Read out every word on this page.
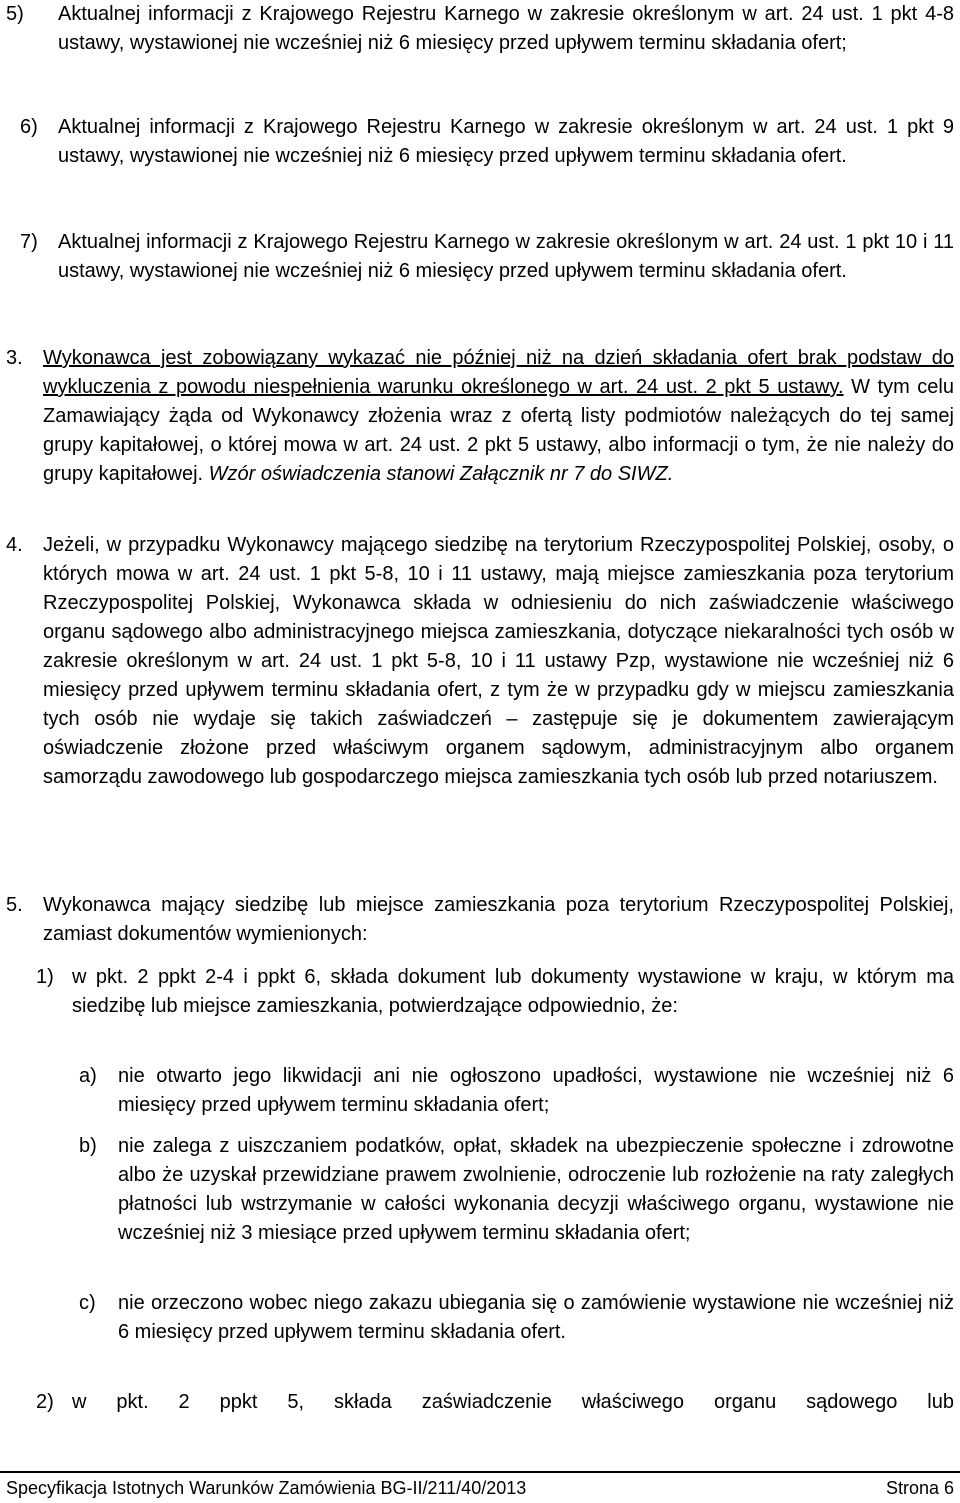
5) Aktualnej informacji z Krajowego Rejestru Karnego w zakresie określonym w art. 24 ust. 1 pkt 4-8 ustawy, wystawionej nie wcześniej niż 6 miesięcy przed upływem terminu składania ofert;
6) Aktualnej informacji z Krajowego Rejestru Karnego w zakresie określonym w art. 24 ust. 1 pkt 9 ustawy, wystawionej nie wcześniej niż 6 miesięcy przed upływem terminu składania ofert.
7) Aktualnej informacji z Krajowego Rejestru Karnego w zakresie określonym w art. 24 ust. 1 pkt 10 i 11 ustawy, wystawionej nie wcześniej niż 6 miesięcy przed upływem terminu składania ofert.
3. Wykonawca jest zobowiązany wykazać nie później niż na dzień składania ofert brak podstaw do wykluczenia z powodu niespełnienia warunku określonego w art. 24 ust. 2 pkt 5 ustawy. W tym celu Zamawiający żąda od Wykonawcy złożenia wraz z ofertą listy podmiotów należących do tej samej grupy kapitałowej, o której mowa w art. 24 ust. 2 pkt 5 ustawy, albo informacji o tym, że nie należy do grupy kapitałowej. Wzór oświadczenia stanowi Załącznik nr 7 do SIWZ.
4. Jeżeli, w przypadku Wykonawcy mającego siedzibę na terytorium Rzeczypospolitej Polskiej, osoby, o których mowa w art. 24 ust. 1 pkt 5-8, 10 i 11 ustawy, mają miejsce zamieszkania poza terytorium Rzeczypospolitej Polskiej, Wykonawca składa w odniesieniu do nich zaświadczenie właściwego organu sądowego albo administracyjnego miejsca zamieszkania, dotyczące niekaralności tych osób w zakresie określonym w art. 24 ust. 1 pkt 5-8, 10 i 11 ustawy Pzp, wystawione nie wcześniej niż 6 miesięcy przed upływem terminu składania ofert, z tym że w przypadku gdy w miejscu zamieszkania tych osób nie wydaje się takich zaświadczeń – zastępuje się je dokumentem zawierającym oświadczenie złożone przed właściwym organem sądowym, administracyjnym albo organem samorządu zawodowego lub gospodarczego miejsca zamieszkania tych osób lub przed notariuszem.
5. Wykonawca mający siedzibę lub miejsce zamieszkania poza terytorium Rzeczypospolitej Polskiej, zamiast dokumentów wymienionych:
1) w pkt. 2 ppkt 2-4 i ppkt 6, składa dokument lub dokumenty wystawione w kraju, w którym ma siedzibę lub miejsce zamieszkania, potwierdzające odpowiednio, że:
a) nie otwarto jego likwidacji ani nie ogłoszono upadłości, wystawione nie wcześniej niż 6 miesięcy przed upływem terminu składania ofert;
b) nie zalega z uiszczaniem podatków, opłat, składek na ubezpieczenie społeczne i zdrowotne albo że uzyskał przewidziane prawem zwolnienie, odroczenie lub rozłożenie na raty zaległych płatności lub wstrzymanie w całości wykonania decyzji właściwego organu, wystawione nie wcześniej niż 3 miesiące przed upływem terminu składania ofert;
c) nie orzeczono wobec niego zakazu ubiegania się o zamówienie wystawione nie wcześniej niż 6 miesięcy przed upływem terminu składania ofert.
2) w pkt. 2 ppkt 5, składa zaświadczenie właściwego organu sądowego lub
Specyfikacja Istotnych Warunków Zamówienia BG-II/211/40/2013	Strona 6
